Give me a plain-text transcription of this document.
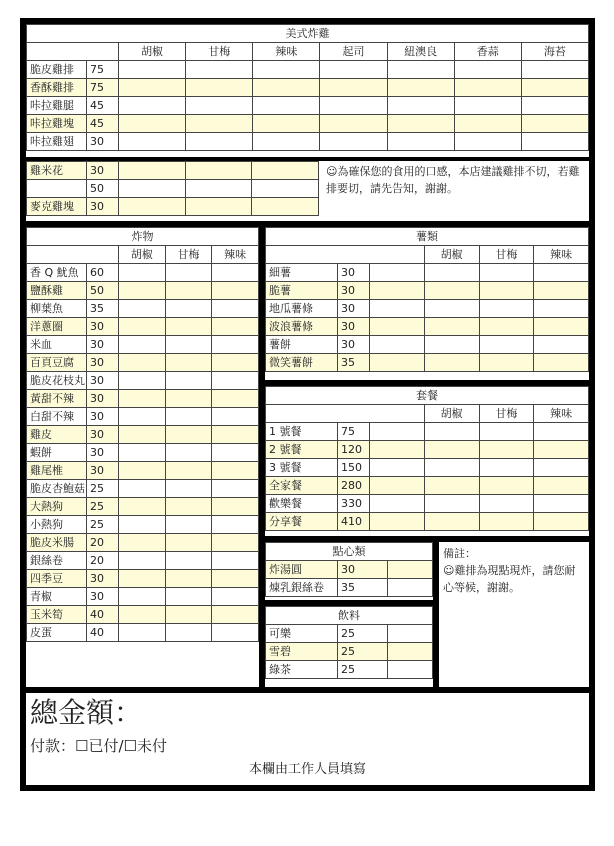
美式炸雞								
		胡椒	甘梅	辣味	起司	紐澳良	香蒜	海苔
脆皮雞排	75							
香酥雞排	75							
咔拉雞腿	45							
咔拉雞塊	45							
咔拉雞翅	30							
雞米花	30			
	50			
麥克雞塊	30			
☺為確保您的食用的口感，本店建議雞排不切，若雞排要切，請先告知，謝謝。
炸物				
		胡椒	甘梅	辣味
香 Q 魷魚	60			
鹽酥雞	50			
柳葉魚	35			
洋蔥圈	30			
米血	30			
百頁豆腐	30			
脆皮花枝丸	30			
黃甜不辣	30			
白甜不辣	30			
雞皮	30			
蝦餅	30			
雞尾椎	30			
脆皮杏鮑菇	25			
大熱狗	25			
小熱狗	25			
脆皮米腸	20			
銀絲卷	20			
四季豆	30			
青椒	30			
玉米筍	40			
皮蛋	40			
薯類					
			胡椒	甘梅	辣味
細薯	30				
脆薯	30				
地瓜薯條	30				
波浪薯條	30				
薯餅	30				
微笑薯餅	35				
套餐					
			胡椒	甘梅	辣味
1 號餐	75				
2 號餐	120				
3 號餐	150				
全家餐	280				
歡樂餐	330				
分享餐	410				
點心類		
炸湯圓	30	
煉乳銀絲卷	35	
飲料		
可樂	25	
雪碧	25	
綠茶	25	
備註：
☺雞排為現點現炸，請您耐心等候，謝謝。
總金額：
付款：☐已付/☐未付
本欄由工作人員填寫
